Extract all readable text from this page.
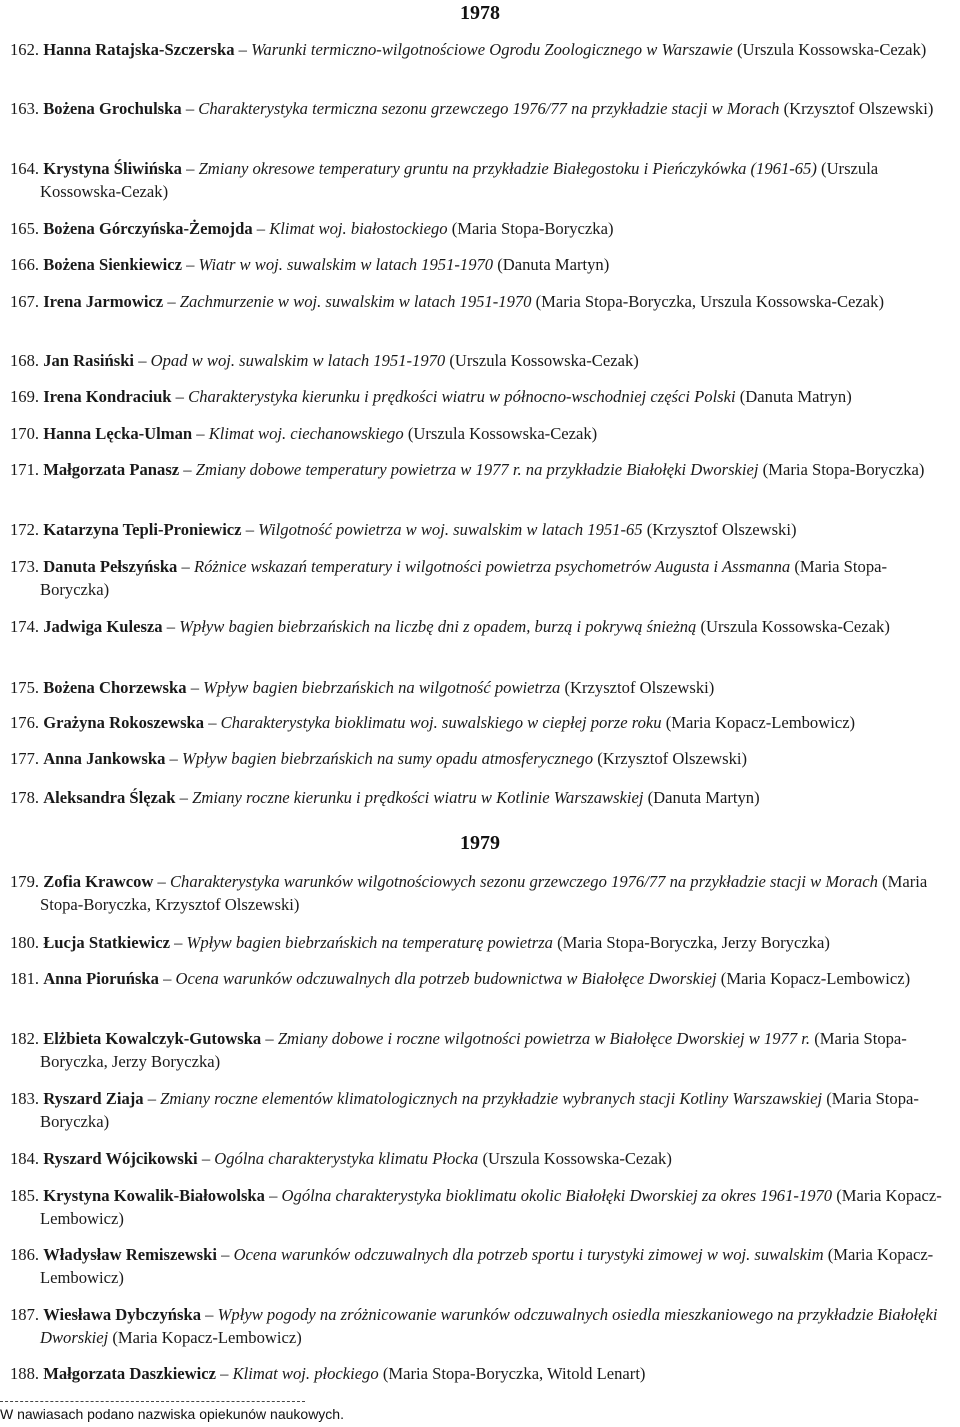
1978
162. Hanna Ratajska-Szczerska – Warunki termiczno-wilgotnościowe Ogrodu Zoologicznego w Warszawie (Urszula Kossowska-Cezak)
163. Bożena Grochulska – Charakterystyka termiczna sezonu grzewczego 1976/77 na przykładzie stacji w Morach (Krzysztof Olszewski)
164. Krystyna Śliwińska – Zmiany okresowe temperatury gruntu na przykładzie Białegostoku i Pieńczykówka (1961-65) (Urszula Kossowska-Cezak)
165. Bożena Górczyńska-Żemojda – Klimat woj. białostockiego (Maria Stopa-Boryczka)
166. Bożena Sienkiewicz – Wiatr w woj. suwalskim w latach 1951-1970 (Danuta Martyn)
167. Irena Jarmowicz – Zachmurzenie w woj. suwalskim w latach 1951-1970 (Maria Stopa-Boryczka, Urszula Kossowska-Cezak)
168. Jan Rasiński – Opad w woj. suwalskim w latach 1951-1970 (Urszula Kossowska-Cezak)
169. Irena Kondraciuk – Charakterystyka kierunku i prędkości wiatru w północno-wschodniej części Polski (Danuta Matryn)
170. Hanna Lęcka-Ulman – Klimat woj. ciechanowskiego (Urszula Kossowska-Cezak)
171. Małgorzata Panasz – Zmiany dobowe temperatury powietrza w 1977 r. na przykładzie Białołęki Dworskiej (Maria Stopa-Boryczka)
172. Katarzyna Tepli-Proniewicz – Wilgotność powietrza w woj. suwalskim w latach 1951-65 (Krzysztof Olszewski)
173. Danuta Pełszyńska – Różnice wskazań temperatury i wilgotności powietrza psychometrów Augusta i Assmanna (Maria Stopa-Boryczka)
174. Jadwiga Kulesza – Wpływ bagien biebrzańskich na liczbę dni z opadem, burzą i pokrywą śnieżną (Urszula Kossowska-Cezak)
175. Bożena Chorzewska – Wpływ bagien biebrzańskich na wilgotność powietrza (Krzysztof Olszewski)
176. Grażyna Rokoszewska – Charakterystyka bioklimatu woj. suwalskiego w ciepłej porze roku (Maria Kopacz-Lembowicz)
177. Anna Jankowska – Wpływ bagien biebrzańskich na sumy opadu atmosferycznego (Krzysztof Olszewski)
178. Aleksandra Ślęzak – Zmiany roczne kierunku i prędkości wiatru w Kotlinie Warszawskiej (Danuta Martyn)
1979
179. Zofia Krawcow – Charakterystyka warunków wilgotnościowych sezonu grzewczego 1976/77 na przykładzie stacji w Morach (Maria Stopa-Boryczka, Krzysztof Olszewski)
180. Łucja Statkiewicz – Wpływ bagien biebrzańskich na temperaturę powietrza (Maria Stopa-Boryczka, Jerzy Boryczka)
181. Anna Pioruńska – Ocena warunków odczuwalnych dla potrzeb budownictwa w Białołęce Dworskiej (Maria Kopacz-Lembowicz)
182. Elżbieta Kowalczyk-Gutowska – Zmiany dobowe i roczne wilgotności powietrza w Białołęce Dworskiej w 1977 r. (Maria Stopa-Boryczka, Jerzy Boryczka)
183. Ryszard Ziaja – Zmiany roczne elementów klimatologicznych na przykładzie wybranych stacji Kotliny Warszawskiej (Maria Stopa-Boryczka)
184. Ryszard Wójcikowski – Ogólna charakterystyka klimatu Płocka (Urszula Kossowska-Cezak)
185. Krystyna Kowalik-Białowolska – Ogólna charakterystyka bioklimatu okolic Białołęki Dworskiej za okres 1961-1970 (Maria Kopacz-Lembowicz)
186. Władysław Remiszewski – Ocena warunków odczuwalnych dla potrzeb sportu i turystyki zimowej w woj. suwalskim (Maria Kopacz-Lembowicz)
187. Wiesława Dybczyńska – Wpływ pogody na zróżnicowanie warunków odczuwalnych osiedla mieszkaniowego na przykładzie Białołęki Dworskiej (Maria Kopacz-Lembowicz)
188. Małgorzata Daszkiewicz – Klimat woj. płockiego (Maria Stopa-Boryczka, Witold Lenart)
W nawiasach podano nazwiska opiekunów naukowych.
